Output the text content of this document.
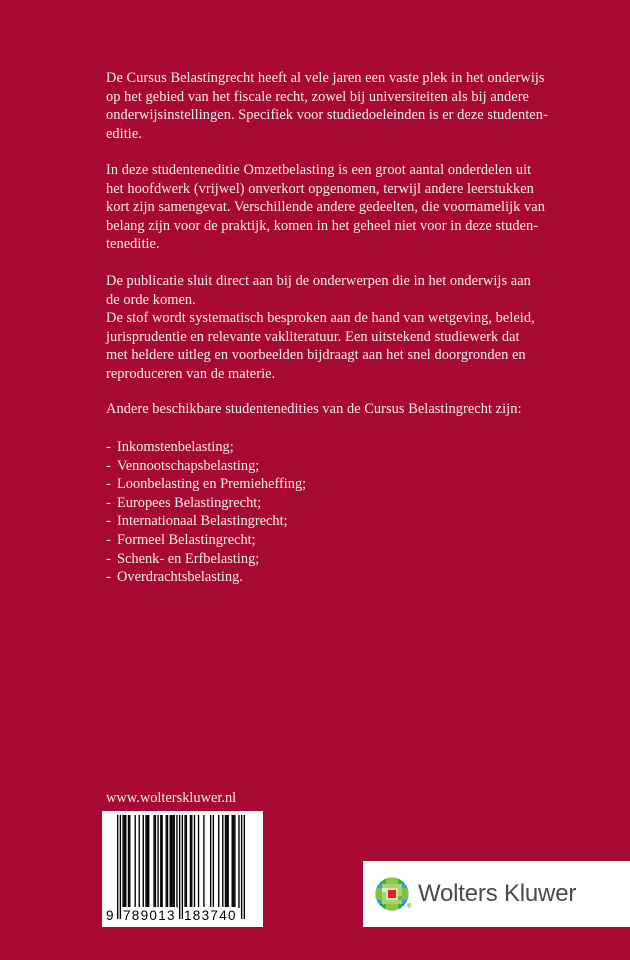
De Cursus Belastingrecht heeft al vele jaren een vaste plek in het onderwijs
op het gebied van het fiscale recht, zowel bij universiteiten als bij andere
onderwijsinstellingen. Specifiek voor studiedoeleinden is er deze studenten-
editie.
In deze studenteneditie Omzetbelasting is een groot aantal onderdelen uit
het hoofdwerk (vrijwel) onverkort opgenomen, terwijl andere leerstukken
kort zijn samengevat. Verschillende andere gedeelten, die voornamelijk van
belang zijn voor de praktijk, komen in het geheel niet voor in deze studen-
teneditie.
De publicatie sluit direct aan bij de onderwerpen die in het onderwijs aan
de orde komen.
De stof wordt systematisch besproken aan de hand van wetgeving, beleid,
jurisprudentie en relevante vakliteratuur. Een uitstekend studiewerk dat
met heldere uitleg en voorbeelden bijdraagt aan het snel doorgronden en
reproduceren van de materie.
Andere beschikbare studentenedities van de Cursus Belastingrecht zijn:
- Inkomstenbelasting;
- Vennootschapsbelasting;
- Loonbelasting en Premieheffing;
- Europees Belastingrecht;
- Internationaal Belastingrecht;
- Formeel Belastingrecht;
- Schenk- en Erfbelasting;
- Overdrachtsbelasting.
www.wolterskluwer.nl
9 789013 183740
® Wolters Kluwer
